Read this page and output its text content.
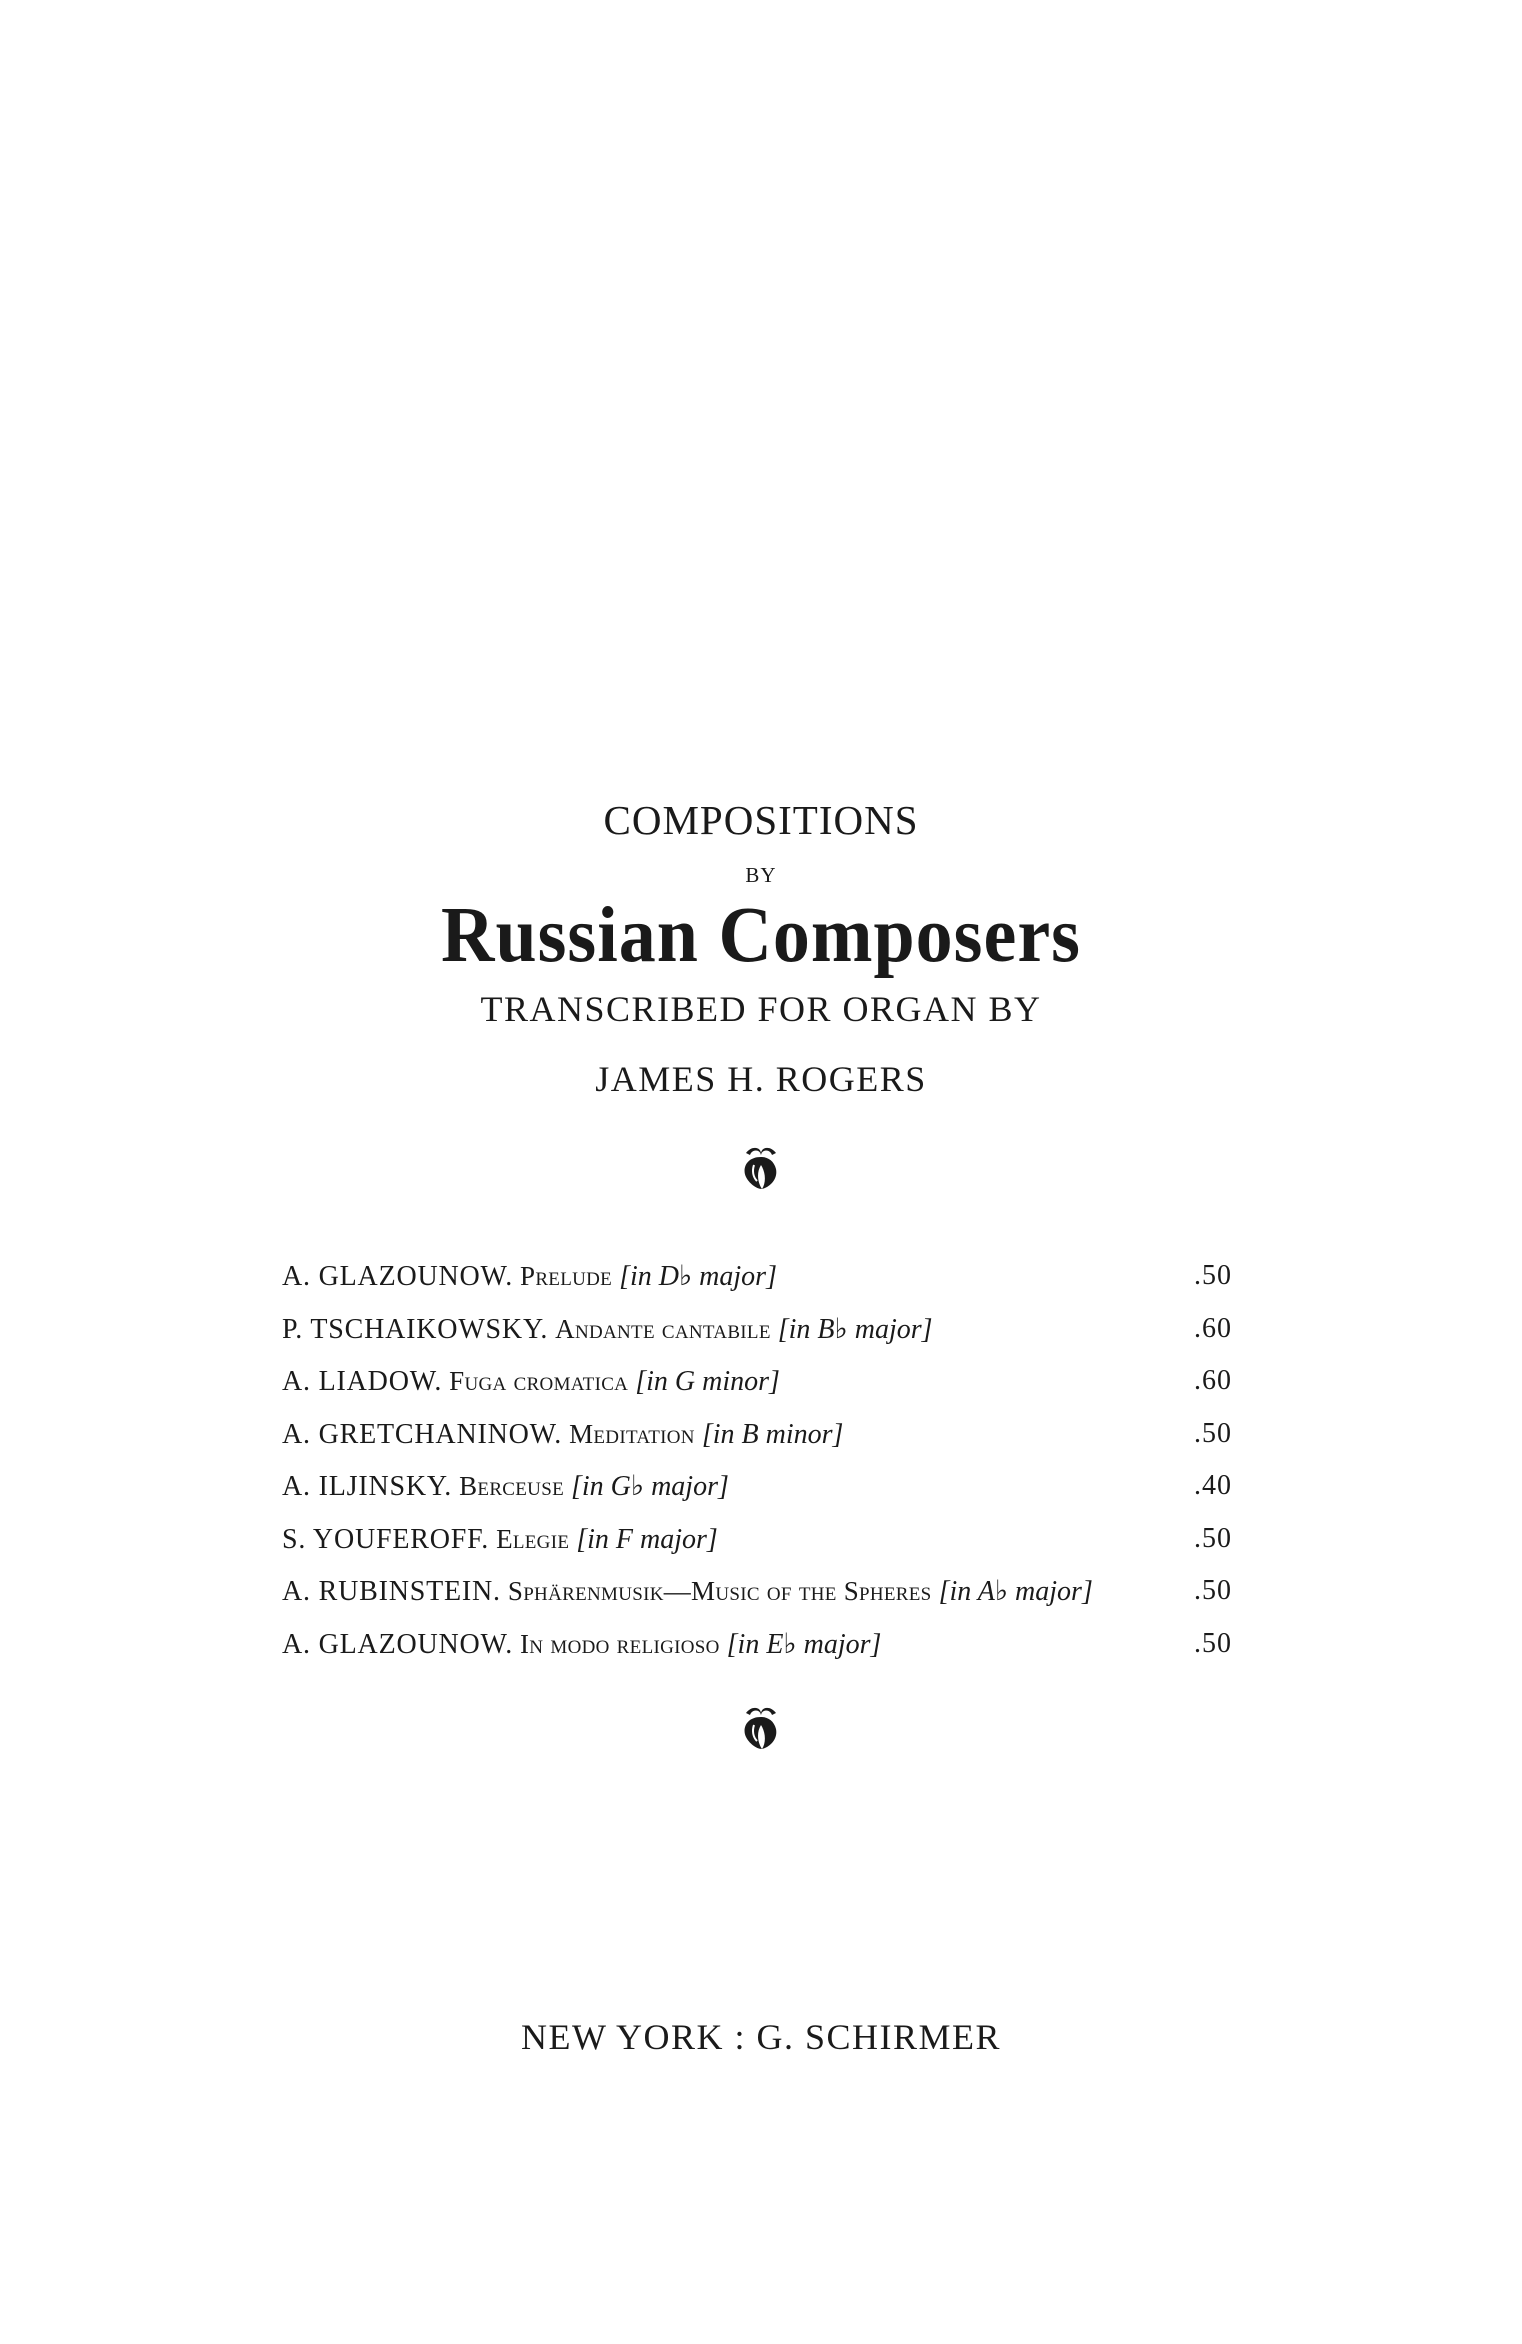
COMPOSITIONS
BY
Russian Composers
TRANSCRIBED FOR ORGAN BY
JAMES H. ROGERS
A. GLAZOUNOW. Prelude [in D♭ major]	.50
P. TSCHAIKOWSKY. Andante cantabile [in B♭ major]	.60
A. LIADOW. Fuga cromatica [in G minor]	.60
A. GRETCHANINOW. Meditation [in B minor]	.50
A. ILJINSKY. Berceuse [in G♭ major]	.40
S. YOUFEROFF. Elegie [in F major]	.50
A. RUBINSTEIN. Sphärenmusik—Music of the Spheres [in A♭ major]	.50
A. GLAZOUNOW. In modo religioso [in E♭ major]	.50
NEW YORK : G. SCHIRMER
